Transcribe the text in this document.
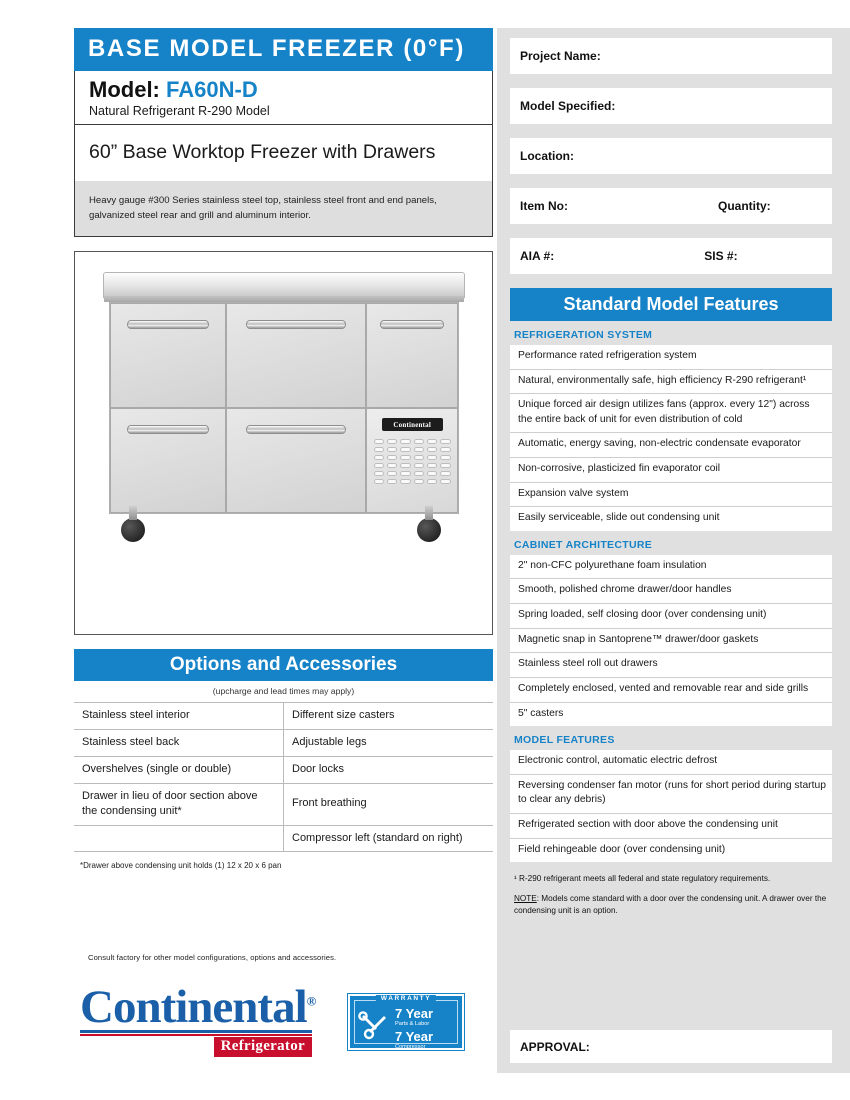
BASE MODEL FREEZER (0°F)
Model: FA60N-D
Natural Refrigerant R-290 Model
60” Base Worktop Freezer with Drawers
Heavy gauge #300 Series stainless steel top, stainless steel front and end panels, galvanized steel rear and grill and aluminum interior.
Continental
Options and Accessories
(upcharge and lead times may apply)
Stainless steel interior	Different size casters
Stainless steel back	Adjustable legs
Overshelves (single or double)	Door locks
Drawer in lieu of door section above the condensing unit*	Front breathing
	Compressor left (standard on right)
*Drawer above condensing unit holds (1) 12 x 20 x 6 pan
Consult factory for other model configurations, options and accessories.
Continental®
Refrigerator
WARRANTY
7 Year
Parts & Labor
7 Year
Compressor
Project Name:
Model Specified:
Location:
Item No:	Quantity:
AIA #:	SIS #:
Standard Model Features
REFRIGERATION SYSTEM
Performance rated refrigeration system
Natural, environmentally safe, high efficiency R-290 refrigerant¹
Unique forced air design utilizes fans (approx. every 12") across the entire back of unit for even distribution of cold
Automatic, energy saving, non-electric condensate evaporator
Non-corrosive, plasticized fin evaporator coil
Expansion valve system
Easily serviceable, slide out condensing unit
CABINET ARCHITECTURE
2" non-CFC polyurethane foam insulation
Smooth, polished chrome drawer/door handles
Spring loaded, self closing door (over condensing unit)
Magnetic snap in Santoprene™ drawer/door gaskets
Stainless steel roll out drawers
Completely enclosed, vented and removable rear and side grills
5" casters
MODEL FEATURES
Electronic control, automatic electric defrost
Reversing condenser fan motor (runs for short period during startup to clear any debris)
Refrigerated section with door above the condensing unit
Field rehingeable door (over condensing unit)
¹ R-290 refrigerant meets all federal and state regulatory requirements.
NOTE: Models come standard with a door over the condensing unit. A drawer over the condensing unit is an option.
APPROVAL:
